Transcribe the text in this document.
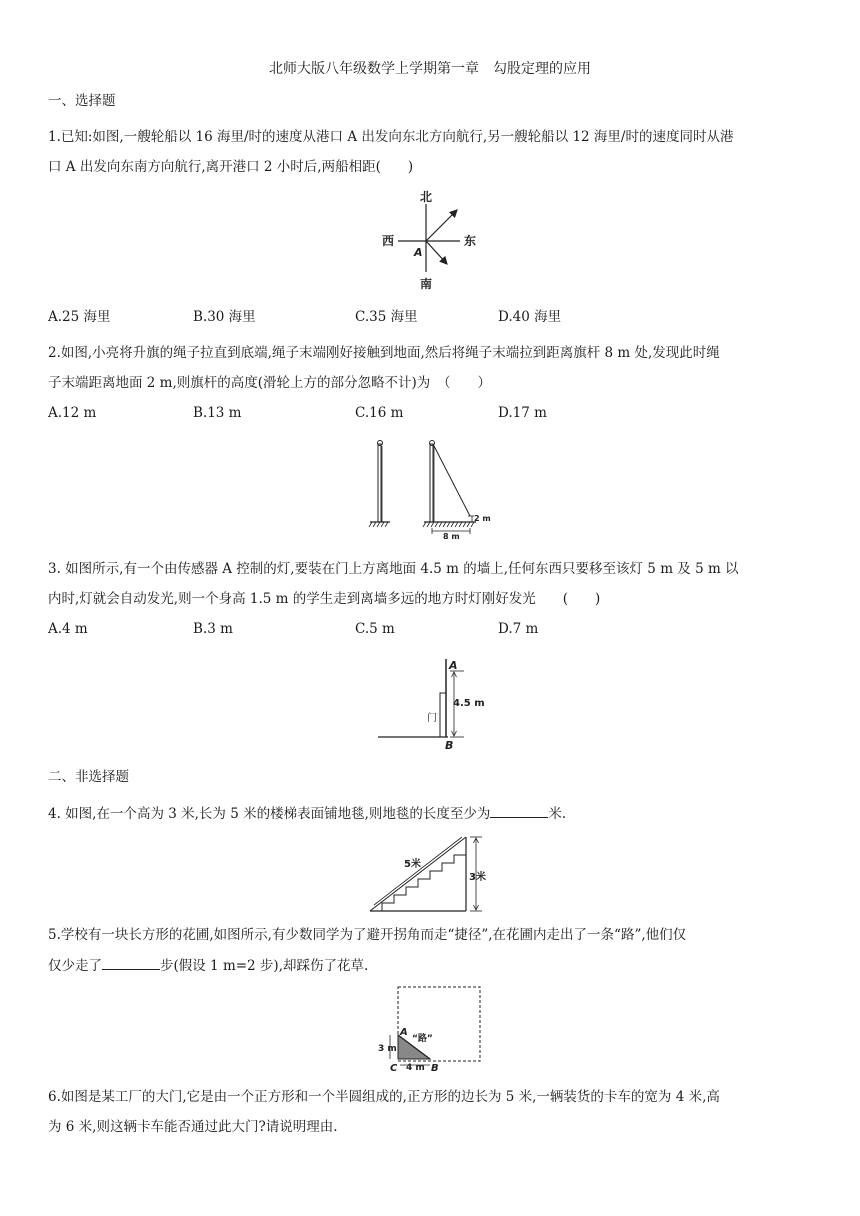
北师大版八年级数学上学期第一章　勾股定理的应用
一、选择题
1.已知:如图,一艘轮船以 16 海里/时的速度从港口 A 出发向东北方向航行,另一艘轮船以 12 海里/时的速度同时从港
口 A 出发向东南方向航行,离开港口 2 小时后,两船相距(　　)
北
南
西	东
A
A.25 海里	B.30 海里	C.35 海里	D.40 海里
2.如图,小亮将升旗的绳子拉直到底端,绳子末端刚好接触到地面,然后将绳子末端拉到距离旗杆 8 m 处,发现此时绳
子末端距离地面 2 m,则旗杆的高度(滑轮上方的部分忽略不计)为　（　　）
A.12 m	B.13 m	C.16 m	D.17 m
8 m
2 m
3. 如图所示,有一个由传感器 A 控制的灯,要装在门上方离地面 4.5 m 的墙上,任何东西只要移至该灯 5 m 及 5 m 以
内时,灯就会自动发光,则一个身高 1.5 m 的学生走到离墙多远的地方时灯刚好发光　　(　　)
A.4 m	B.3 m	C.5 m	D.7 m
A
4.5 m
门
B
二、非选择题
4. 如图,在一个高为 3 米,长为 5 米的楼梯表面铺地毯,则地毯的长度至少为	米.
5米
3米
5.学校有一块长方形的花圃,如图所示,有少数同学为了避开拐角而走“捷径”,在花圃内走出了一条“路”,他们仅
仅少走了	步(假设 1 m=2 步),却踩伤了花草.
“路”
A
3 m
C 4 m B
6.如图是某工厂的大门,它是由一个正方形和一个半圆组成的,正方形的边长为 5 米,一辆装货的卡车的宽为 4 米,高
为 6 米,则这辆卡车能否通过此大门?请说明理由.
